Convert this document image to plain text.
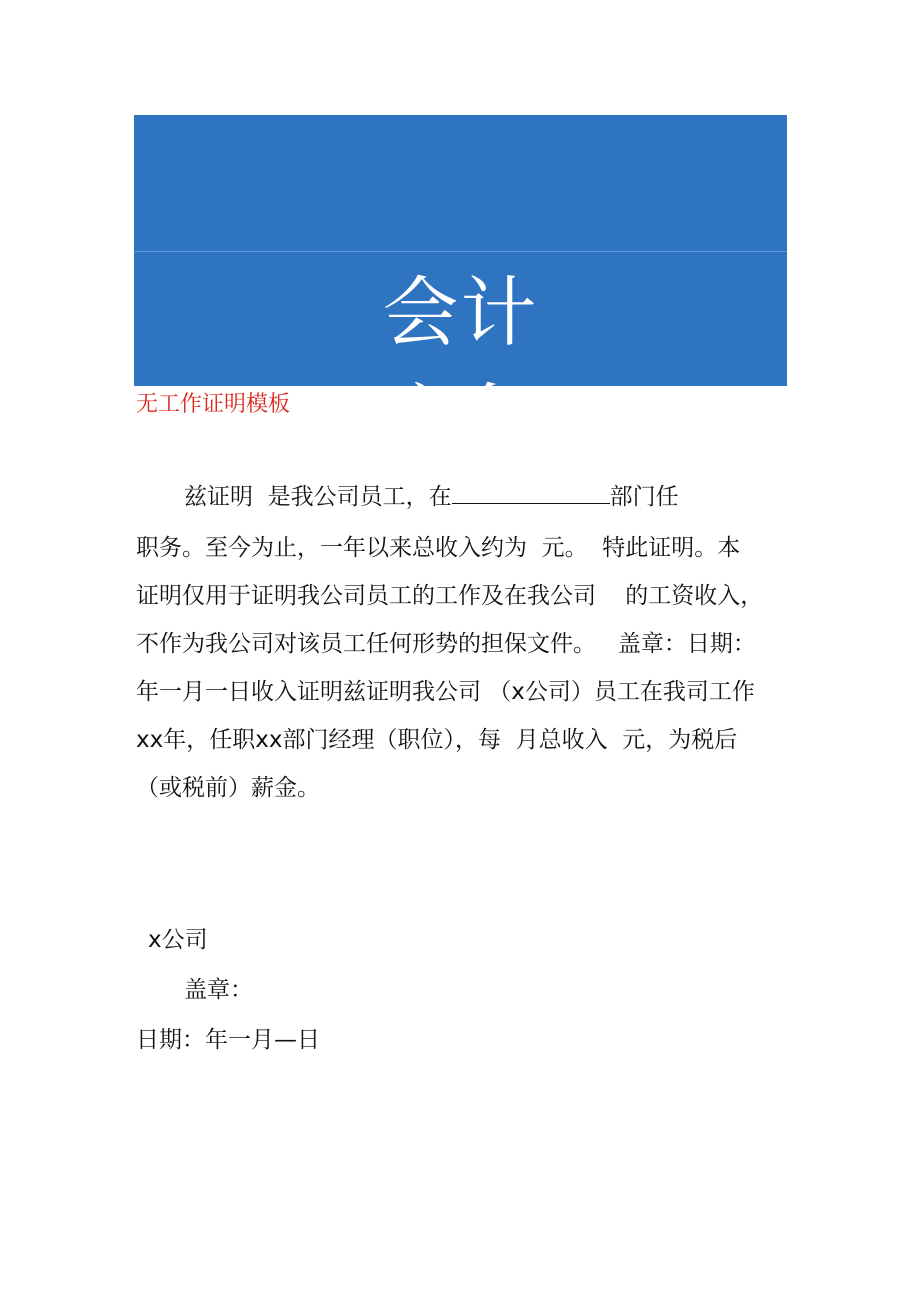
会计
实务
无工作证明模板
兹证明  是我公司员工，在	部门任
职务。至今为止，一年以来总收入约为  元。  特此证明。本
证明仅用于证明我公司员工的工作及在我公司    的工资收入，
不作为我公司对该员工任何形势的担保文件。   盖章：日期：
年一月一日收入证明兹证明我公司 （x公司）员工在我司工作
xx年，任职xx部门经理（职位），每  月总收入  元，为税后
（或税前）薪金。
x公司
盖章：
日期：年一月—日
